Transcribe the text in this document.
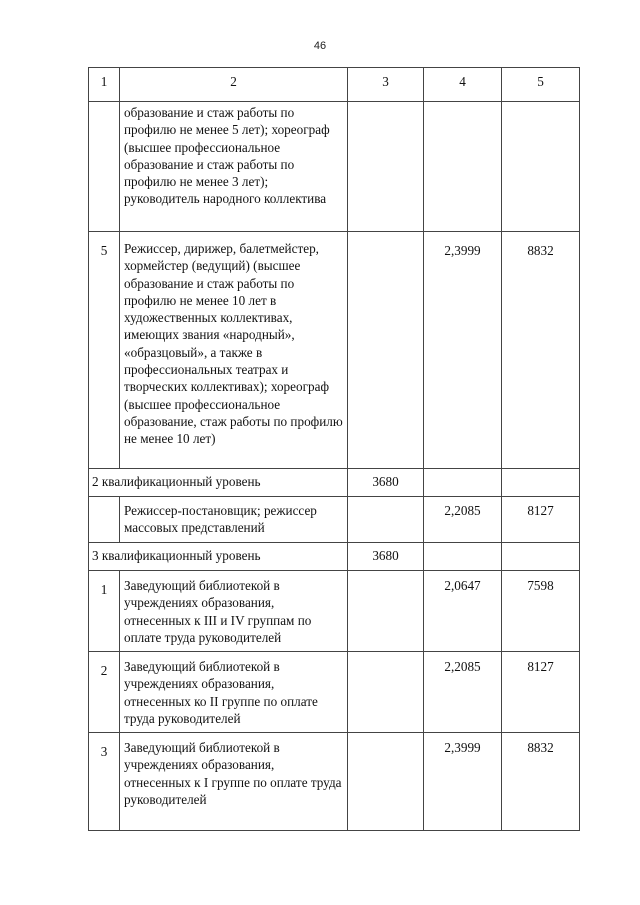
46
1	2	3	4	5
	образование и стаж работы по профилю не менее 5 лет); хореограф (высшее профессиональное образование и стаж работы по профилю не менее 3 лет); руководитель народного коллектива			
5	Режиссер, дирижер, балетмейстер, хормейстер (ведущий) (высшее образование и стаж работы по профилю не менее 10 лет в художественных коллективах, имеющих звания «народный», «образцовый», а также в профессиональных театрах и творческих коллективах); хореограф (высшее профессиональное образование, стаж работы по профилю не менее 10 лет)		2,3999	8832
2 квалификационный уровень		3680		
	Режиссер-постановщик; режиссер массовых представлений		2,2085	8127
3 квалификационный уровень		3680		
1	Заведующий библиотекой в учреждениях образования, отнесенных к III и IV группам по оплате труда руководителей		2,0647	7598
2	Заведующий библиотекой в учреждениях образования, отнесенных ко II группе по оплате труда руководителей		2,2085	8127
3	Заведующий библиотекой в учреждениях образования, отнесенных к I группе по оплате труда руководителей		2,3999	8832
